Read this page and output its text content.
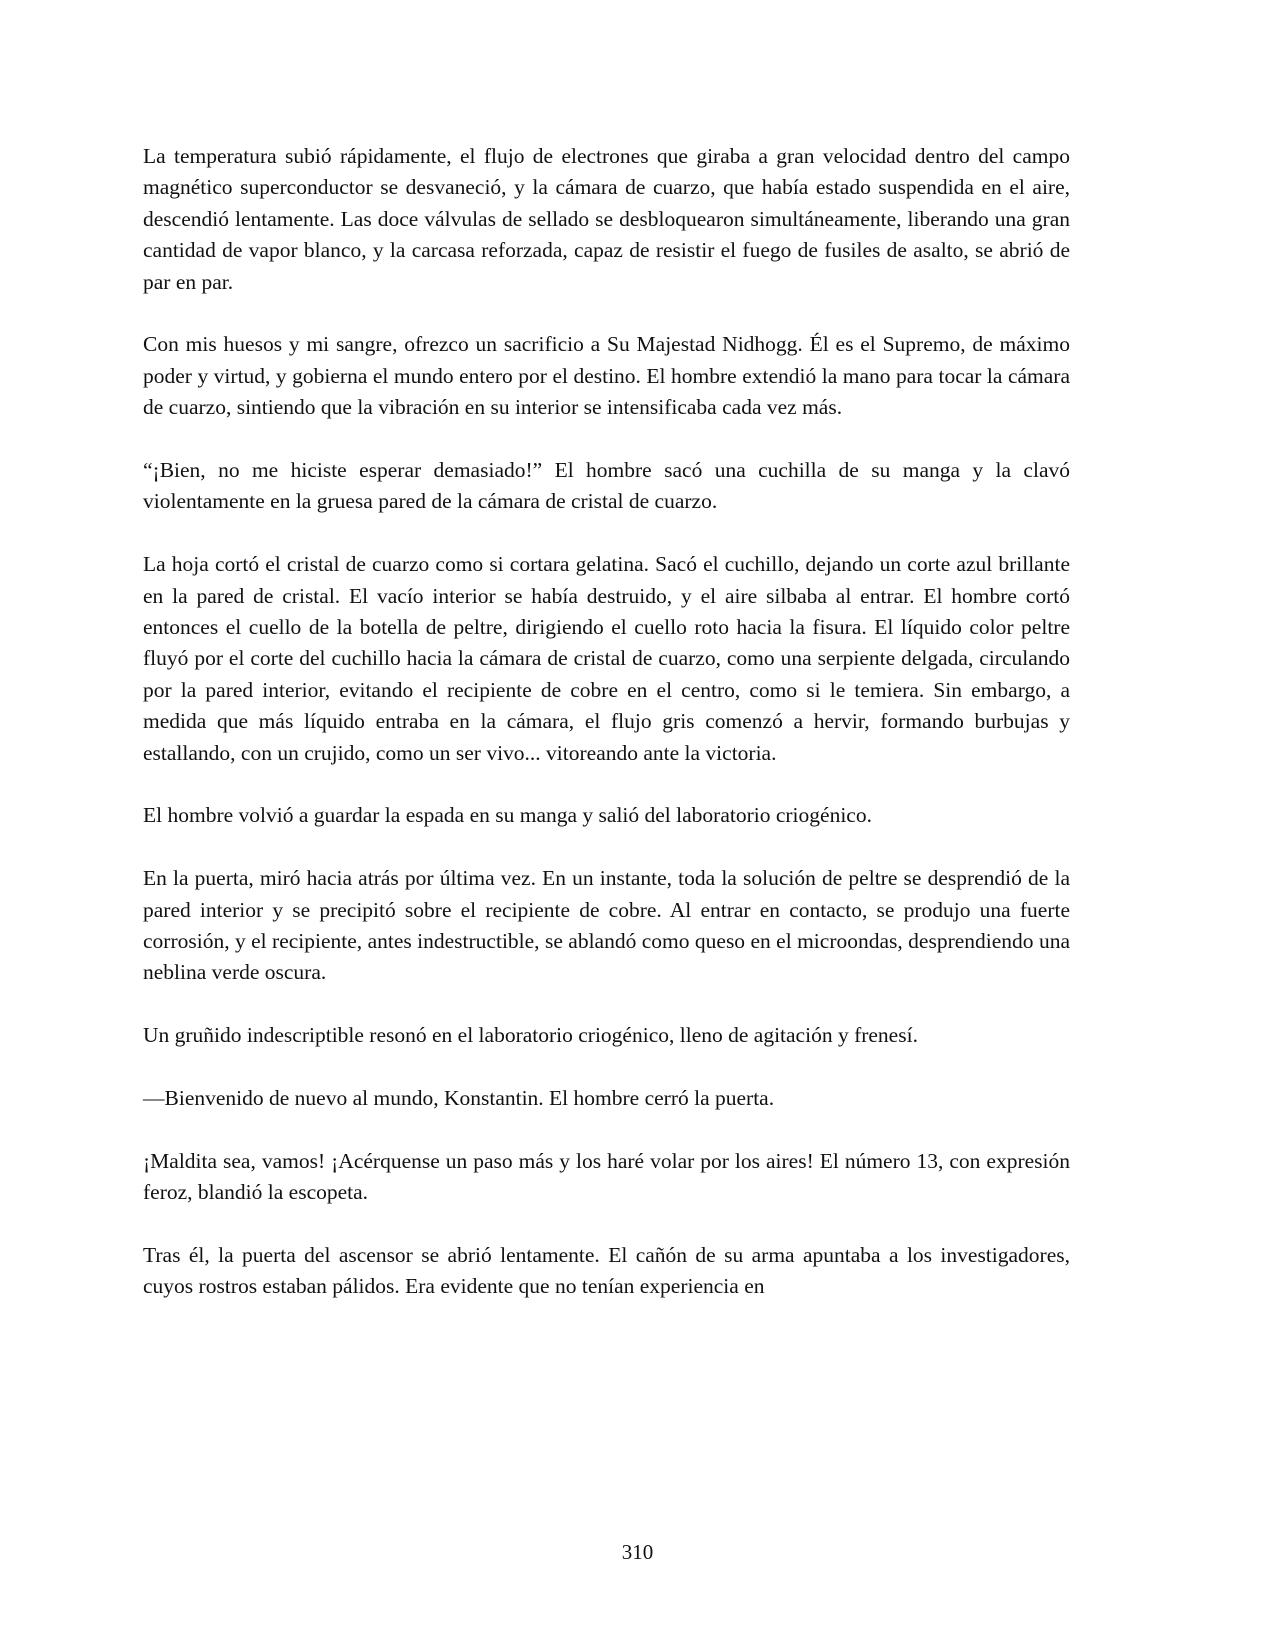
La temperatura subió rápidamente, el flujo de electrones que giraba a gran velocidad dentro del campo magnético superconductor se desvaneció, y la cámara de cuarzo, que había estado suspendida en el aire, descendió lentamente. Las doce válvulas de sellado se desbloquearon simultáneamente, liberando una gran cantidad de vapor blanco, y la carcasa reforzada, capaz de resistir el fuego de fusiles de asalto, se abrió de par en par.

Con mis huesos y mi sangre, ofrezco un sacrificio a Su Majestad Nidhogg. Él es el Supremo, de máximo poder y virtud, y gobierna el mundo entero por el destino. El hombre extendió la mano para tocar la cámara de cuarzo, sintiendo que la vibración en su interior se intensificaba cada vez más.

“¡Bien, no me hiciste esperar demasiado!” El hombre sacó una cuchilla de su manga y la clavó violentamente en la gruesa pared de la cámara de cristal de cuarzo.

La hoja cortó el cristal de cuarzo como si cortara gelatina. Sacó el cuchillo, dejando un corte azul brillante en la pared de cristal. El vacío interior se había destruido, y el aire silbaba al entrar. El hombre cortó entonces el cuello de la botella de peltre, dirigiendo el cuello roto hacia la fisura. El líquido color peltre fluyó por el corte del cuchillo hacia la cámara de cristal de cuarzo, como una serpiente delgada, circulando por la pared interior, evitando el recipiente de cobre en el centro, como si le temiera. Sin embargo, a medida que más líquido entraba en la cámara, el flujo gris comenzó a hervir, formando burbujas y estallando, con un crujido, como un ser vivo... vitoreando ante la victoria.

El hombre volvió a guardar la espada en su manga y salió del laboratorio criogénico.

En la puerta, miró hacia atrás por última vez. En un instante, toda la solución de peltre se desprendió de la pared interior y se precipitó sobre el recipiente de cobre. Al entrar en contacto, se produjo una fuerte corrosión, y el recipiente, antes indestructible, se ablandó como queso en el microondas, desprendiendo una neblina verde oscura.

Un gruñido indescriptible resonó en el laboratorio criogénico, lleno de agitación y frenesí.

—Bienvenido de nuevo al mundo, Konstantin. El hombre cerró la puerta.

¡Maldita sea, vamos! ¡Acérquense un paso más y los haré volar por los aires! El número 13, con expresión feroz, blandió la escopeta.

Tras él, la puerta del ascensor se abrió lentamente. El cañón de su arma apuntaba a los investigadores, cuyos rostros estaban pálidos. Era evidente que no tenían experiencia en

310
